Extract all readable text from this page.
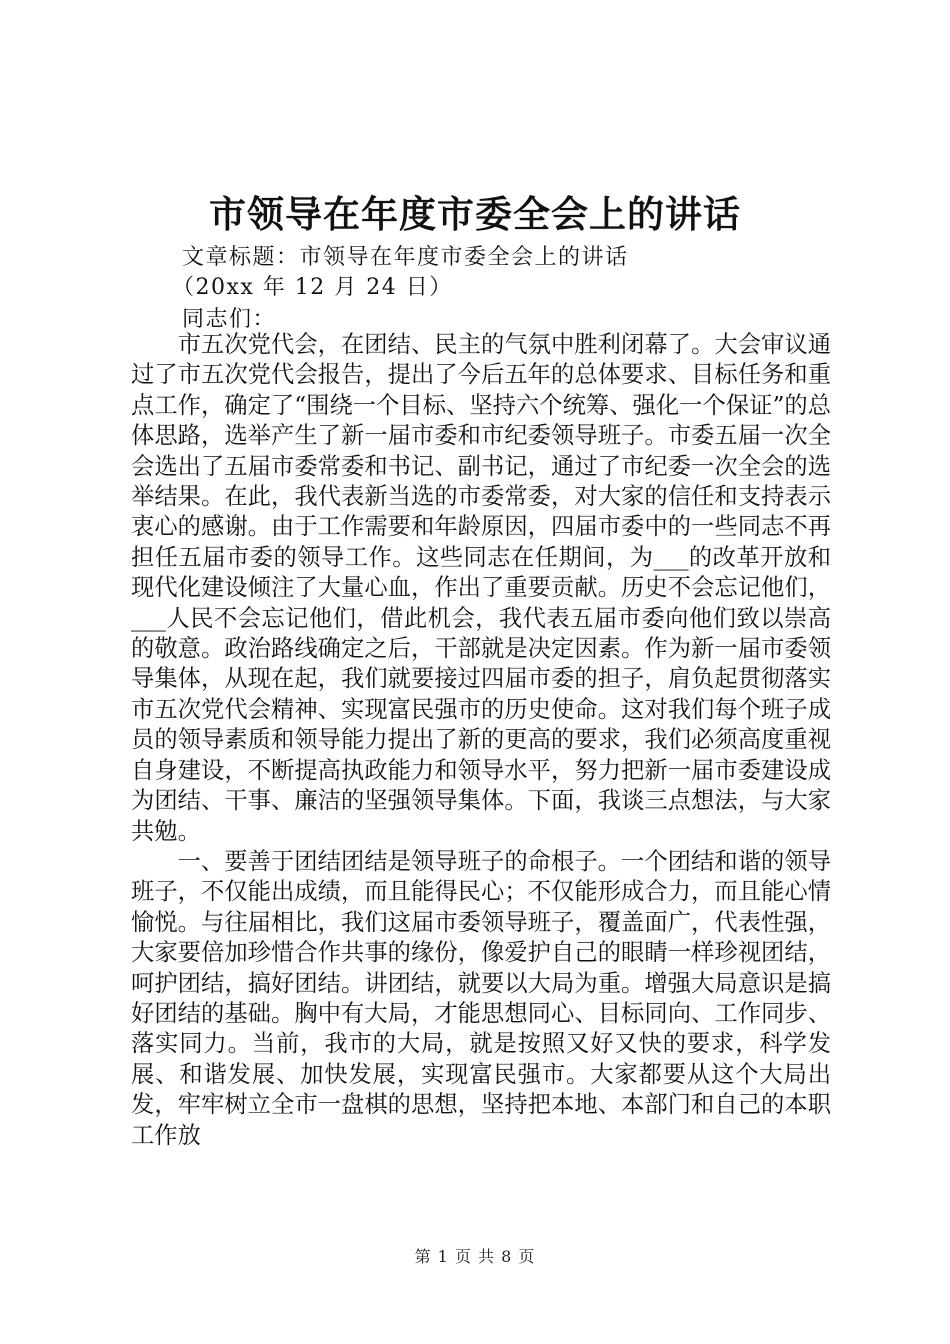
市领导在年度市委全会上的讲话
文章标题：市领导在年度市委全会上的讲话
（20xx 年 12 月 24 日）
同志们：

市五次党代会，在团结、民主的气氛中胜利闭幕了。大会审议通过了市五次党代会报告，提出了今后五年的总体要求、目标任务和重点工作，确定了“围绕一个目标、坚持六个统筹、强化一个保证”的总体思路，选举产生了新一届市委和市纪委领导班子。市委五届一次全会选出了五届市委常委和书记、副书记，通过了市纪委一次全会的选举结果。在此，我代表新当选的市委常委，对大家的信任和支持表示衷心的感谢。由于工作需要和年龄原因，四届市委中的一些同志不再担任五届市委的领导工作。这些同志在任期间，为___的改革开放和现代化建设倾注了大量心血，作出了重要贡献。历史不会忘记他们，___人民不会忘记他们，借此机会，我代表五届市委向他们致以崇高的敬意。政治路线确定之后，干部就是决定因素。作为新一届市委领导集体，从现在起，我们就要接过四届市委的担子，肩负起贯彻落实市五次党代会精神、实现富民强市的历史使命。这对我们每个班子成员的领导素质和领导能力提出了新的更高的要求，我们必须高度重视自身建设，不断提高执政能力和领导水平，努力把新一届市委建设成为团结、干事、廉洁的坚强领导集体。下面，我谈三点想法，与大家共勉。

一、要善于团结团结是领导班子的命根子。一个团结和谐的领导班子，不仅能出成绩，而且能得民心；不仅能形成合力，而且能心情愉悦。与往届相比，我们这届市委领导班子，覆盖面广，代表性强，大家要倍加珍惜合作共事的缘份，像爱护自己的眼睛一样珍视团结，呵护团结，搞好团结。讲团结，就要以大局为重。增强大局意识是搞好团结的基础。胸中有大局，才能思想同心、目标同向、工作同步、落实同力。当前，我市的大局，就是按照又好又快的要求，科学发展、和谐发展、加快发展，实现富民强市。大家都要从这个大局出发，牢牢树立全市一盘棋的思想，坚持把本地、本部门和自己的本职工作放

第 1 页 共 8 页
